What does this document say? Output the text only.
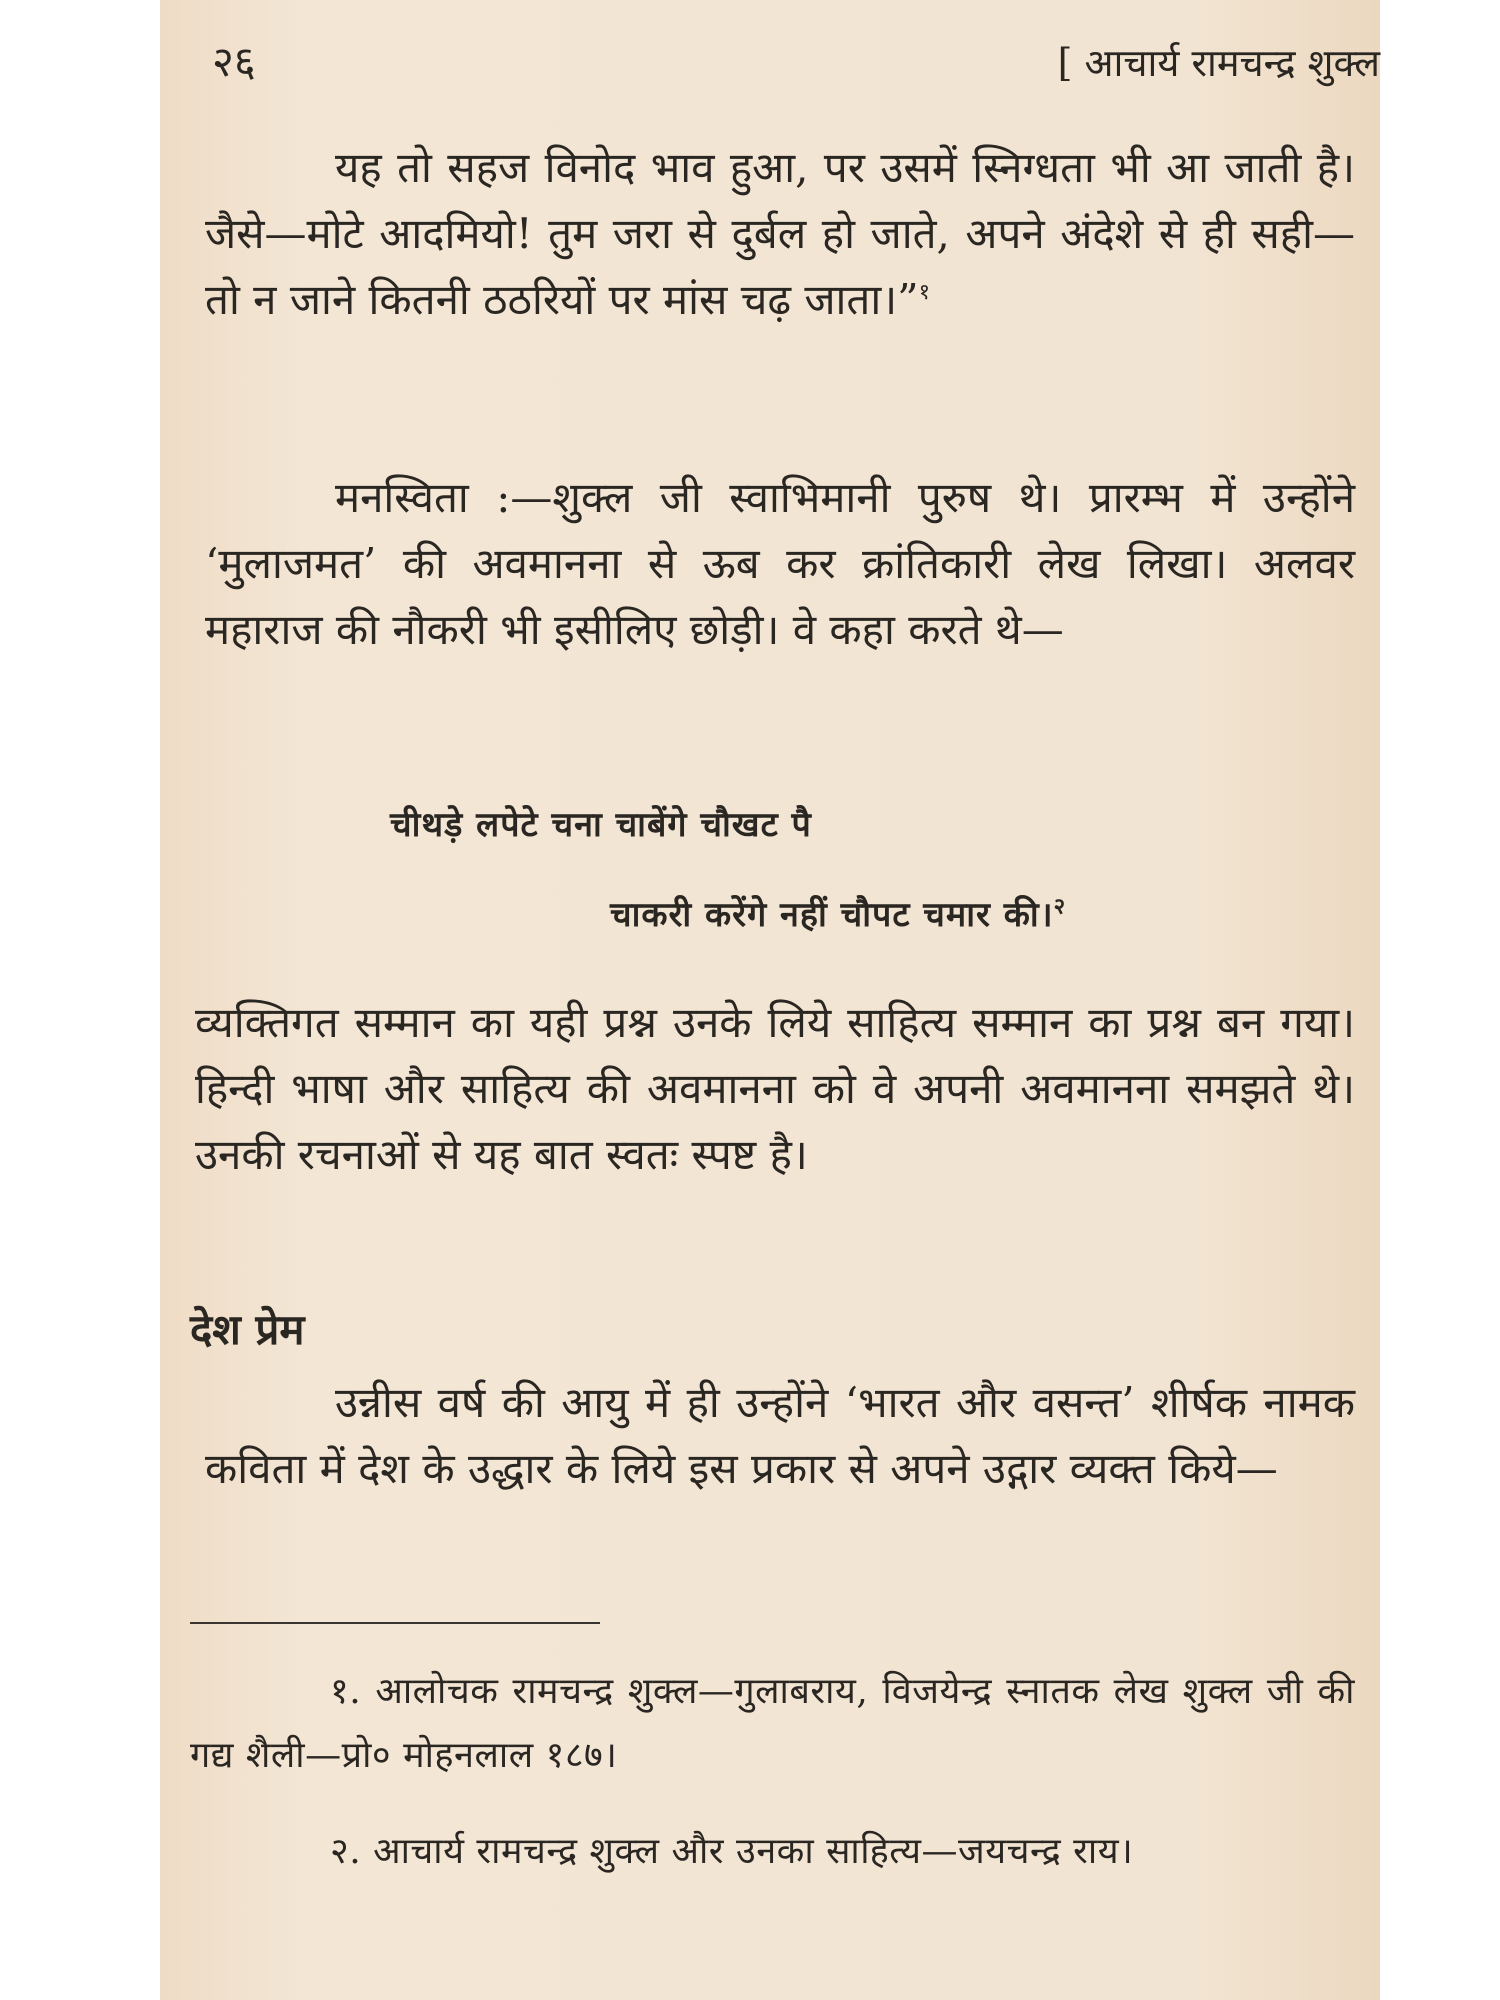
२६	[ आचार्य रामचन्द्र शुक्ल
यह तो सहज विनोद भाव हुआ, पर उसमें स्निग्धता भी आ जाती है। जैसे—मोटे आदमियो! तुम जरा से दुर्बल हो जाते, अपने अंदेशे से ही सही—तो न जाने कितनी ठठरियों पर मांस चढ़ जाता।”$^१$
मनस्विता :—शुक्ल जी स्वाभिमानी पुरुष थे। प्रारम्भ में उन्होंने ‘मुलाजमत’ की अवमानना से ऊब कर क्रांतिकारी लेख लिखा। अलवर महाराज की नौकरी भी इसीलिए छोड़ी। वे कहा करते थे—
चीथड़े लपेटे चना चाबेंगे चौखट पै
चाकरी करेंगे नहीं चौपट चमार की।$^२$
व्यक्तिगत सम्मान का यही प्रश्न उनके लिये साहित्य सम्मान का प्रश्न बन गया। हिन्दी भाषा और साहित्य की अवमानना को वे अपनी अवमानना समझते थे। उनकी रचनाओं से यह बात स्वतः स्पष्ट है।
देश प्रेम
उन्नीस वर्ष की आयु में ही उन्होंने ‘भारत और वसन्त’ शीर्षक नामक कविता में देश के उद्धार के लिये इस प्रकार से अपने उद्गार व्यक्त किये—
१. आलोचक रामचन्द्र शुक्ल—गुलाबराय, विजयेन्द्र स्नातक लेख शुक्ल जी की गद्य शैली—प्रो० मोहनलाल १८७।
२. आचार्य रामचन्द्र शुक्ल और उनका साहित्य—जयचन्द्र राय।
